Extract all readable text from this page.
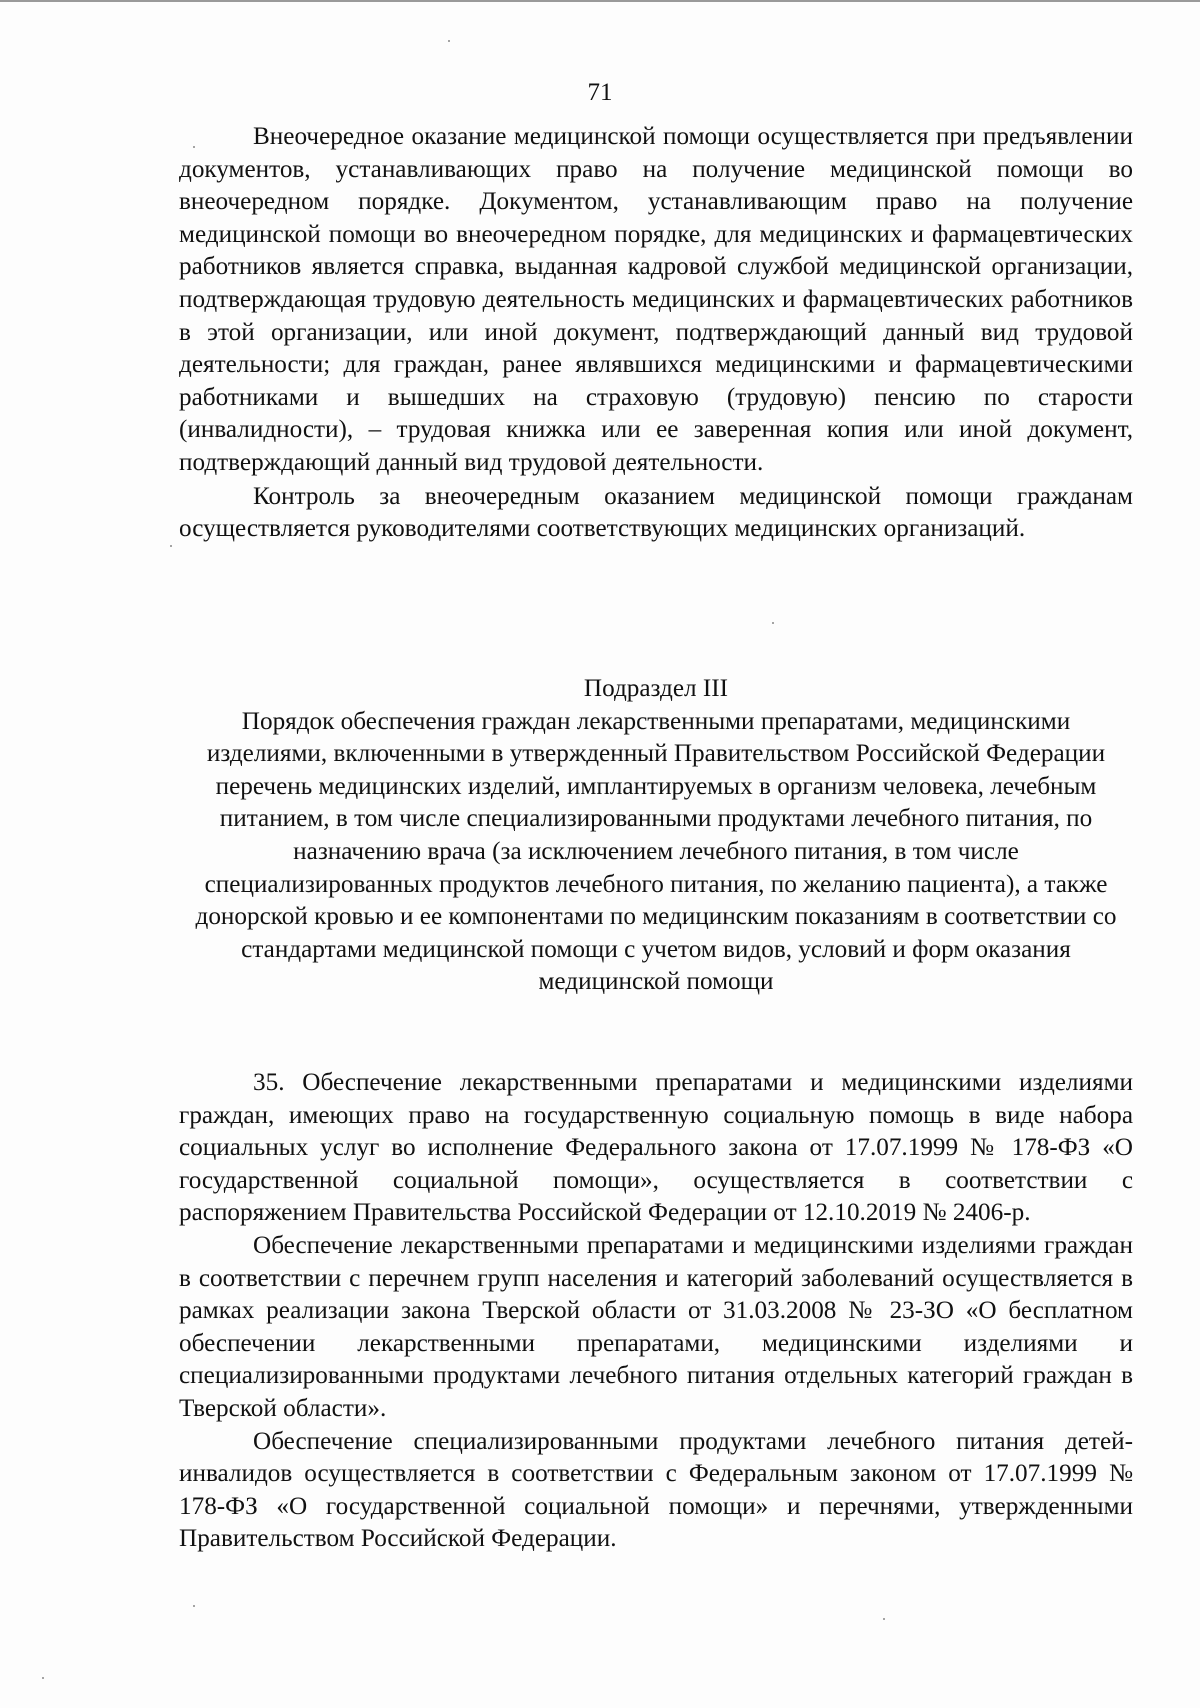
71

Внеочередное оказание медицинской помощи осуществляется при предъявлении документов, устанавливающих право на получение медицинской помощи во внеочередном порядке. Документом, устанавливающим право на получение медицинской помощи во внеочередном порядке, для медицинских и фармацевтических работников является справка, выданная кадровой службой медицинской организации, подтверждающая трудовую деятельность медицинских и фармацевтических работников в этой организации, или иной документ, подтверждающий данный вид трудовой деятельности; для граждан, ранее являвшихся медицинскими и фармацевтическими работниками и вышедших на страховую (трудовую) пенсию по старости (инвалидности), – трудовая книжка или ее заверенная копия или иной документ, подтверждающий данный вид трудовой деятельности.

Контроль за внеочередным оказанием медицинской помощи гражданам осуществляется руководителями соответствующих медицинских организаций.

Подраздел III
Порядок обеспечения граждан лекарственными препаратами, медицинскими изделиями, включенными в утвержденный Правительством Российской Федерации перечень медицинских изделий, имплантируемых в организм человека, лечебным питанием, в том числе специализированными продуктами лечебного питания, по назначению врача (за исключением лечебного питания, в том числе специализированных продуктов лечебного питания, по желанию пациента), а также донорской кровью и ее компонентами по медицинским показаниям в соответствии со стандартами медицинской помощи с учетом видов, условий и форм оказания медицинской помощи

35. Обеспечение лекарственными препаратами и медицинскими изделиями граждан, имеющих право на государственную социальную помощь в виде набора социальных услуг во исполнение Федерального закона от 17.07.1999 № 178-ФЗ «О государственной социальной помощи», осуществляется в соответствии с распоряжением Правительства Российской Федерации от 12.10.2019 № 2406-р.

Обеспечение лекарственными препаратами и медицинскими изделиями граждан в соответствии с перечнем групп населения и категорий заболеваний осуществляется в рамках реализации закона Тверской области от 31.03.2008 № 23-ЗО «О бесплатном обеспечении лекарственными препаратами, медицинскими изделиями и специализированными продуктами лечебного питания отдельных категорий граждан в Тверской области».

Обеспечение специализированными продуктами лечебного питания детей-инвалидов осуществляется в соответствии с Федеральным законом от 17.07.1999 № 178-ФЗ «О государственной социальной помощи» и перечнями, утвержденными Правительством Российской Федерации.
